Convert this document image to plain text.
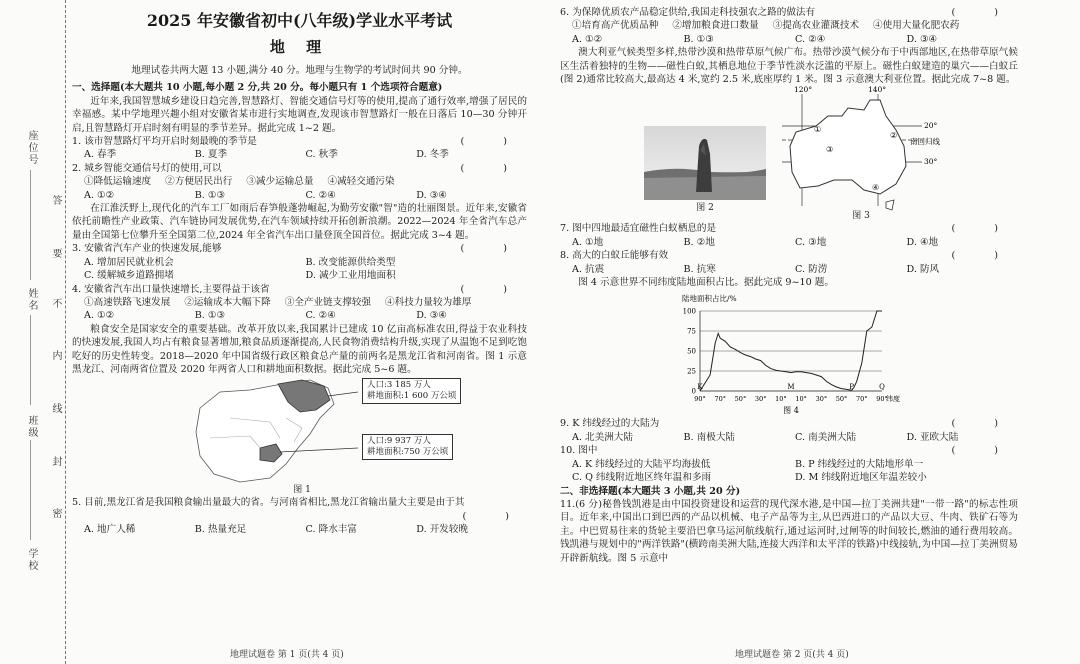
座位号
答
要
姓名 不
内
线
班级
封
密
学校
2025 年安徽省初中(八年级)学业水平考试
地 理
地理试卷共两大题 13 小题,满分 40 分。地理与生物学的考试时间共 90 分钟。
一、选择题(本大题共 10 小题,每小题 2 分,共 20 分。每小题只有 1 个选项符合题意)
近年来,我国智慧城乡建设日趋完善,智慧路灯、智能交通信号灯等的使用,提高了通行效率,增强了居民的幸福感。某中学地理兴趣小组对安徽省某市进行实地调查,发现该市智慧路灯一般在日落后 10—30 分钟开启,且智慧路灯开启时刻有明显的季节差异。据此完成 1~2 题。
1. 该市智慧路灯平均开启时刻最晚的季节是	( )
A. 春季	B. 夏季	C. 秋季	D. 冬季
2. 城乡智能交通信号灯的使用,可以	( )
①降低运输速度 ②方便居民出行 ③减少运输总量 ④减轻交通污染
A. ①②	B. ①③	C. ②④	D. ③④
在江淮沃野上,现代化的汽车工厂如雨后春笋般蓬勃崛起,为勤劳安徽"智"造的壮丽图景。近年来,安徽省依托前瞻性产业政策、汽车链协同发展优势,在汽车领域持续开拓创新浪潮。2022—2024 年全省汽车总产量由全国第七位攀升至全国第二位,2024 年全省汽车出口量登顶全国首位。据此完成 3~4 题。
3. 安徽省汽车产业的快速发展,能够	( )
A. 增加居民就业机会	B. 改变能源供给类型
C. 缓解城乡道路拥堵	D. 减少工业用地面积
4. 安徽省汽车出口量快速增长,主要得益于该省	( )
①高速铁路飞速发展 ②运输成本大幅下降 ③全产业链支撑较强 ④科技力量较为雄厚
A. ①②	B. ①③	C. ②④	D. ③④
粮食安全是国家安全的重要基础。改革开放以来,我国累计已建成 10 亿亩高标准农田,得益于农业科技的快速发展,我国人均占有粮食显著增加,粮食品质逐渐提高,人民食物消费结构升级,实现了从温饱不足到吃饱吃好的历史性转变。2018—2020 年中国省级行政区粮食总产量的前两名是黑龙江省和河南省。图 1 示意黑龙江、河南两省位置及 2020 年两省人口和耕地面积数据。据此完成 5~6 题。
人口:3 185 万人
耕地面积:1 600 万公顷
人口:9 937 万人
耕地面积:750 万公顷
图 1
5. 目前,黑龙江省是我国粮食输出量最大的省。与河南省相比,黑龙江省输出量大主要是由于其
( )
A. 地广人稀	B. 热量充足	C. 降水丰富	D. 开发较晚
地理试题卷 第 1 页(共 4 页)
6. 为保障优质农产品稳定供给,我国走科技强农之路的做法有	( )
①培育高产优质品种 ②增加粮食进口数量 ③提高农业灌溉技术 ④使用大量化肥农药
A. ①②	B. ①③	C. ②④	D. ③④
澳大利亚气候类型多样,热带沙漠和热带草原气候广布。热带沙漠气候分布于中西部地区,在热带草原气候区生活着独特的生物——磁性白蚁,其栖息地位于季节性淡水泛滥的平原上。磁性白蚁建造的巢穴——白蚁丘(图 2)通常比较高大,最高达 4 米,宽约 2.5 米,底座厚约 1 米。图 3 示意澳大利亚位置。据此完成 7~8 题。
图 2
①
②
③
④
120°	140°
20°
30°
南回归线
图 3
7. 图中四地最适宜磁性白蚁栖息的是	( )
A. ①地	B. ②地	C. ③地	D. ④地
8. 高大的白蚁丘能够有效	( )
A. 抗震	B. 抗寒	C. 防涝	D. 防风
图 4 示意世界不同纬度陆地面积占比。据此完成 9~10 题。
陆地面积占比/%
0
25
50
75
100
90° 70° 50° 30° 10° 10° 30° 50° 70° 90°
纬度
K	M	P	Q
图 4
9. K 纬线经过的大陆为	( )
A. 北美洲大陆	B. 南极大陆	C. 南美洲大陆	D. 亚欧大陆
10. 图中	( )
A. K 纬线经过的大陆平均海拔低	B. P 纬线经过的大陆地形单一
C. Q 纬线附近地区终年温和多雨	D. M 纬线附近地区年温差较小
二、非选择题(本大题共 3 小题,共 20 分)
11.(6 分)秘鲁钱凯港是由中国投资建设和运营的现代深水港,是中国—拉丁美洲共建"一带一路"的标志性项目。近年来,中国出口到巴西的产品以机械、电子产品等为主,从巴西进口的产品以大豆、牛肉、铁矿石等为主。中巴贸易往来的货轮主要沿巴拿马运河航线航行,通过运河时,过闸等的时间较长,燃油的通行费用较高。钱凯港与规划中的"两洋铁路"(横跨南美洲大陆,连接大西洋和太平洋的铁路)中线接轨,为中国—拉丁美洲贸易开辟新航线。图 5 示意中
地理试题卷 第 2 页(共 4 页)
